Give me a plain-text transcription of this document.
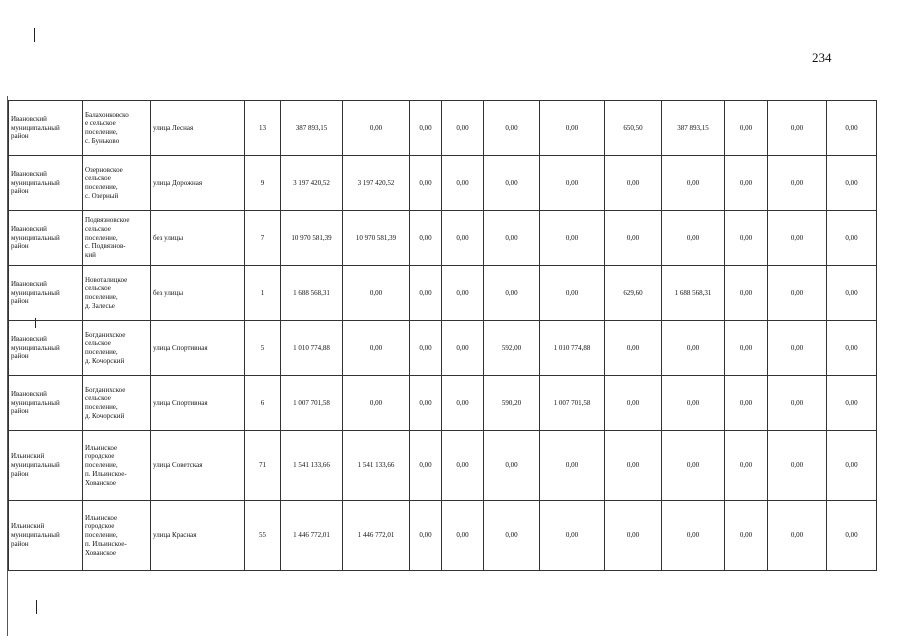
234
Ивановский
муниципальный
район	Балахонковско
е сельское
поселение,
с. Буньково	улица Лесная	13	387 893,15	0,00	0,00	0,00	0,00	0,00	650,50	387 893,15	0,00	0,00	0,00
Ивановский
муниципальный
район	Озерновское
сельское
поселение,
с. Озерный	улица Дорожная	9	3 197 420,52	3 197 420,52	0,00	0,00	0,00	0,00	0,00	0,00	0,00	0,00	0,00
Ивановский
муниципальный
район	Подвязновское
сельское
поселение,
с. Подвязнов-
кий	без улицы	7	10 970 581,39	10 970 581,39	0,00	0,00	0,00	0,00	0,00	0,00	0,00	0,00	0,00
Ивановский
муниципальный
район	Новоталицкое
сельское
поселение,
д. Залесье	без улицы	1	1 688 568,31	0,00	0,00	0,00	0,00	0,00	629,60	1 688 568,31	0,00	0,00	0,00
Ивановский
муниципальный
район	Богданихское
сельское
поселение,
д. Кочорский	улица Спортивная	5	1 010 774,88	0,00	0,00	0,00	592,00	1 010 774,88	0,00	0,00	0,00	0,00	0,00
Ивановский
муниципальный
район	Богданихское
сельское
поселение,
д. Кочорский	улица Спортивная	6	1 007 701,58	0,00	0,00	0,00	590,20	1 007 701,58	0,00	0,00	0,00	0,00	0,00
Ильинский
муниципальный
район	Ильинское
городское
поселение,
п. Ильинское-
Хованское	улица Советская	71	1 541 133,66	1 541 133,66	0,00	0,00	0,00	0,00	0,00	0,00	0,00	0,00	0,00
Ильинский
муниципальный
район	Ильинское
городское
поселение,
п. Ильинское-
Хованское	улица Красная	55	1 446 772,01	1 446 772,01	0,00	0,00	0,00	0,00	0,00	0,00	0,00	0,00	0,00
